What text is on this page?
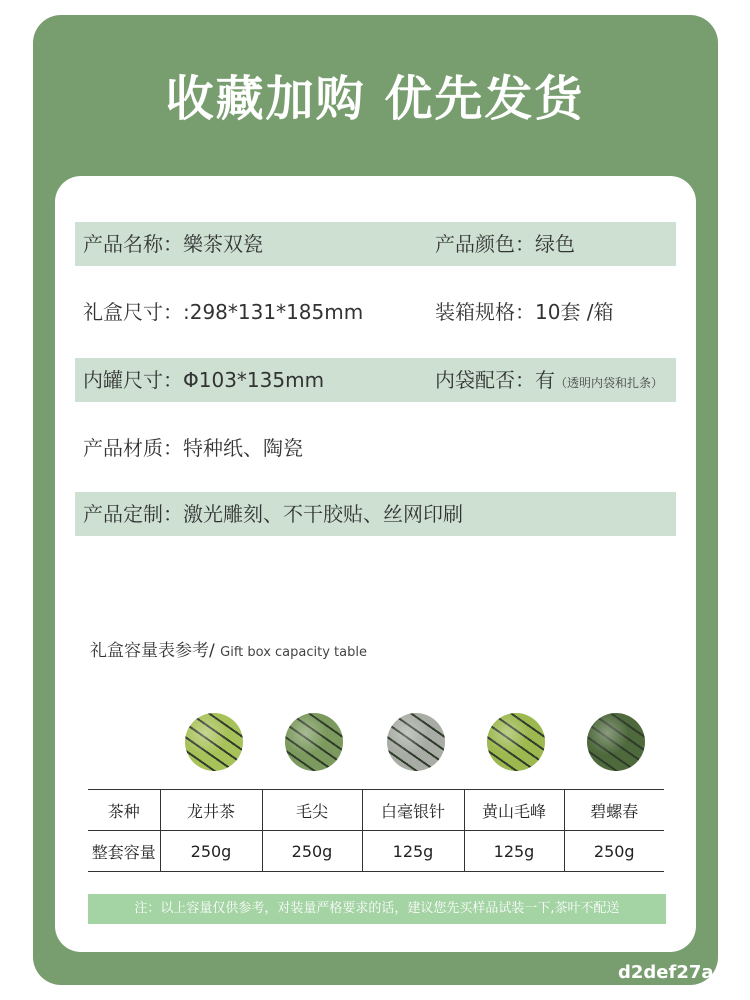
收藏加购 优先发货
产品名称：樂茶双瓷	产品颜色：绿色
礼盒尺寸：:298*131*185mm	装箱规格：10套 /箱
内罐尺寸：Φ103*135mm	内袋配否：有（透明内袋和扎条）
产品材质：特种纸、陶瓷
产品定制：激光雕刻、不干胶贴、丝网印刷
礼盒容量表参考/ Gift box capacity table
茶种	龙井茶	毛尖	白毫银针	黄山毛峰	碧螺春
整套容量	250g	250g	125g	125g	250g
注：以上容量仅供参考，对装量严格要求的话，建议您先买样品试装一下,茶叶不配送
d2def27a
